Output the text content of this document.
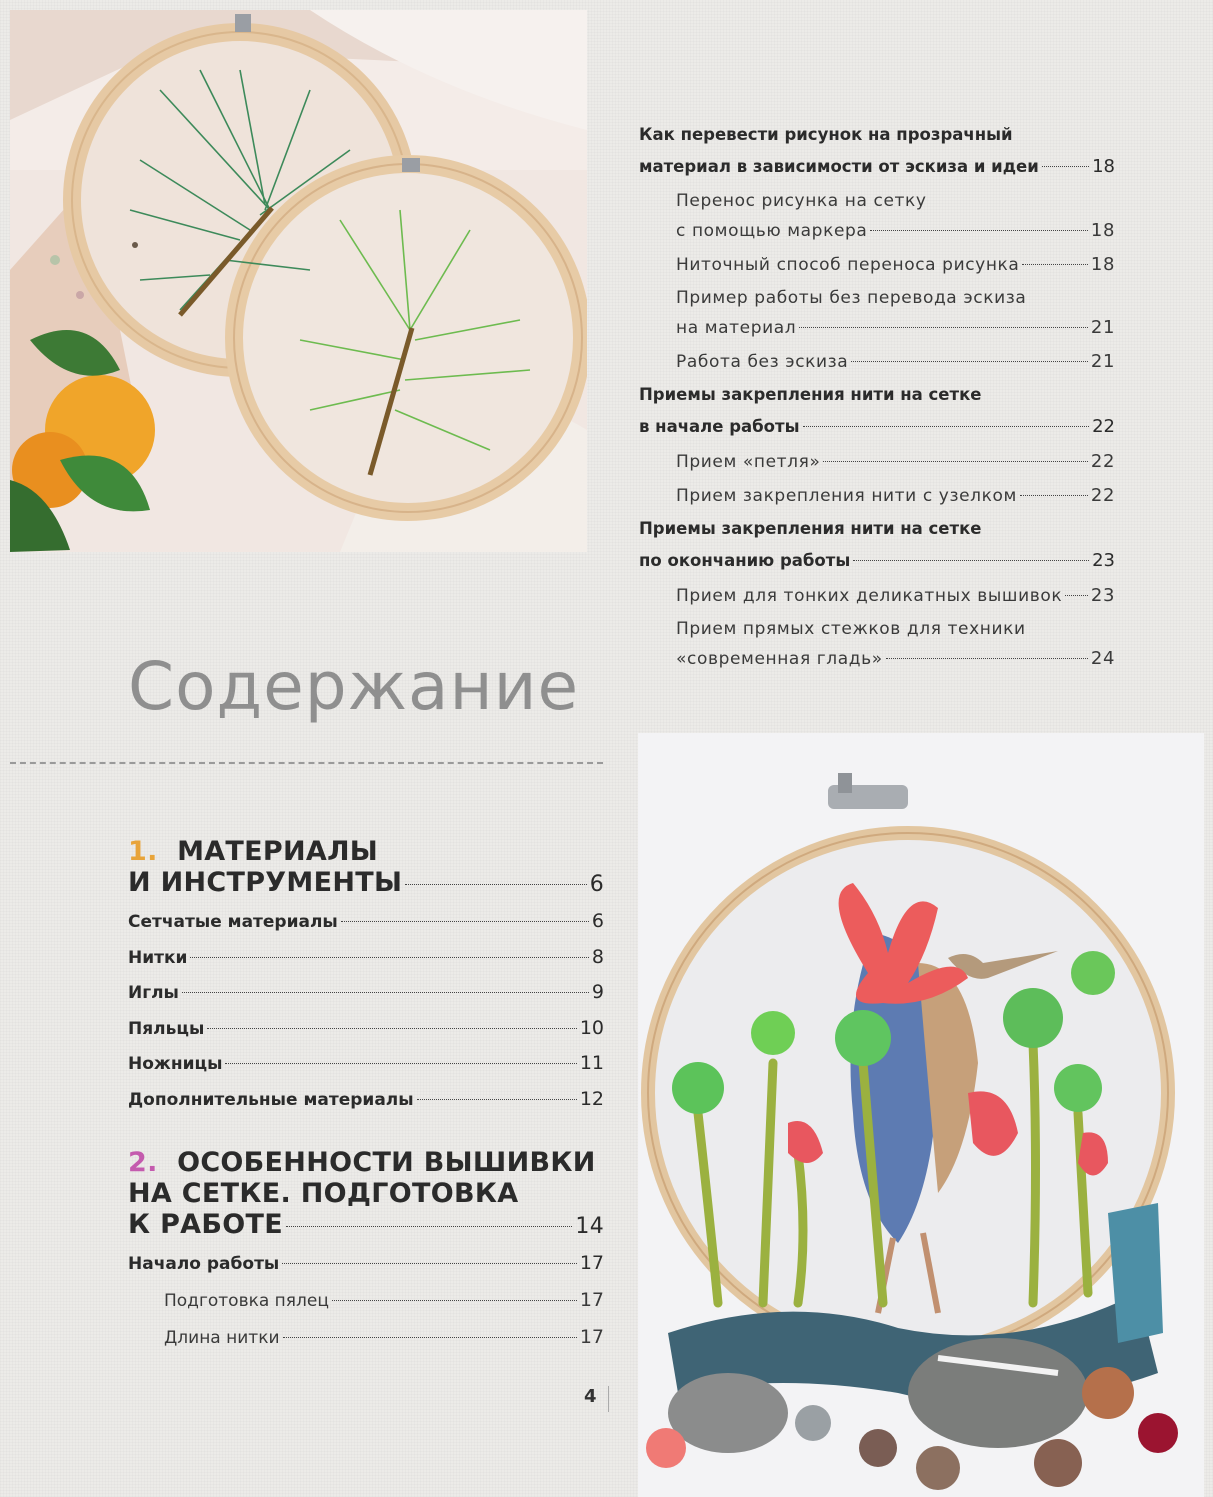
Как перевести рисунок на прозрачный
материал в зависимости от эскиза и идеи	18
Перенос рисунка на сетку
с помощью маркера	18
Ниточный способ переноса рисунка	18
Пример работы без перевода эскиза
на материал	21
Работа без эскиза	21
Приемы закрепления нити на сетке
в начале работы	22
Прием «петля»	22
Прием закрепления нити с узелком	22
Приемы закрепления нити на сетке
по окончанию работы	23
Прием для тонких деликатных вышивок 23
Прием прямых стежков для техники
«современная гладь»	24
Содержание
1. МАТЕРИАЛЫ
И ИНСТРУМЕНТЫ	6
Сетчатые материалы	6
Нитки	8
Иглы	9
Пяльцы	10
Ножницы	11
Дополнительные материалы	12
2. ОСОБЕННОСТИ ВЫШИВКИ
НА СЕТКЕ. ПОДГОТОВКА
К РАБОТЕ	14
Начало работы	17
Подготовка пялец	17
Длина нитки	17
4
